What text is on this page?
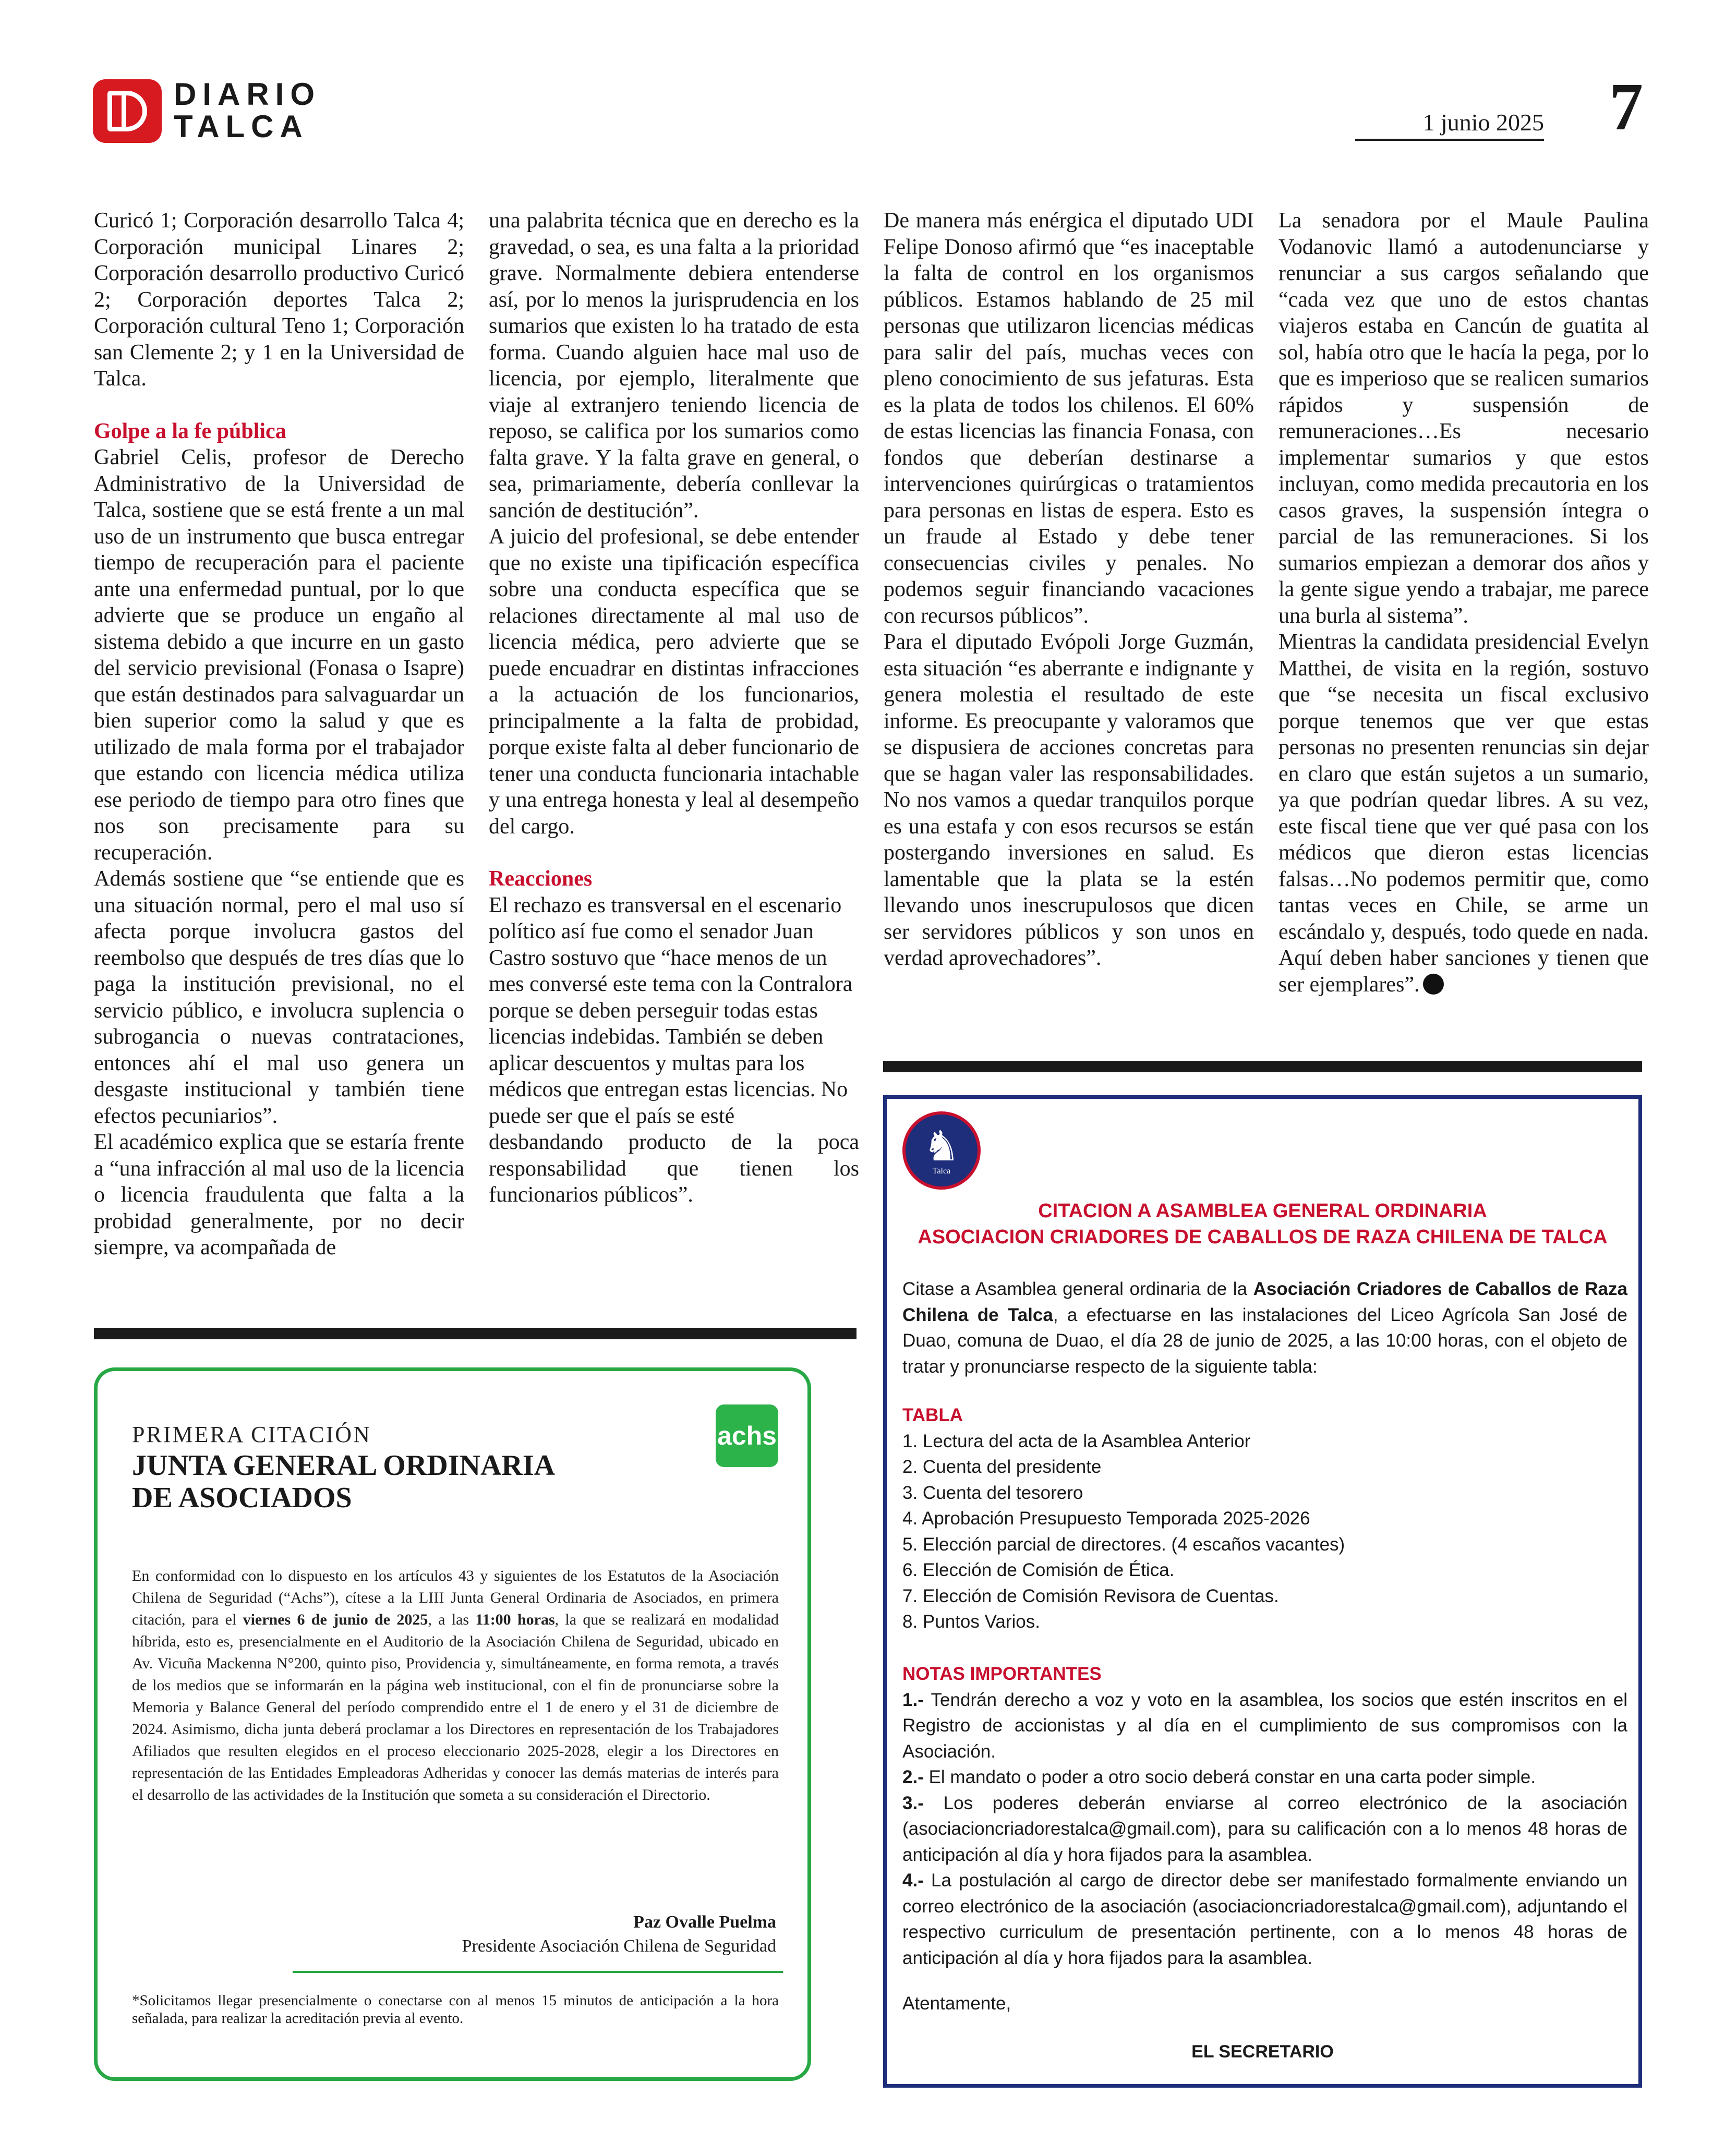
DIARIO
TALCA	1 junio 2025 7

Curicó 1; Corporación desarrollo Talca 4; Corporación municipal Linares 2; Corporación desarrollo productivo Curicó 2; Corporación deportes Talca 2; Corporación cultural Teno 1; Corporación san Clemente 2; y 1 en la Universidad de Talca.

Golpe a la fe pública

Gabriel Celis, profesor de Derecho Administrativo de la Universidad de Talca, sostiene que se está frente a un mal uso de un instrumento que busca entregar tiempo de recuperación para el paciente ante una enfermedad puntual, por lo que advierte que se produce un engaño al sistema debido a que incurre en un gasto del servicio previsional (Fonasa o Isapre) que están destinados para salvaguardar un bien superior como la salud y que es utilizado de mala forma por el trabajador que estando con licencia médica utiliza ese periodo de tiempo para otro fines que nos son precisamente para su recuperación.

Además sostiene que “se entiende que es una situación normal, pero el mal uso sí afecta porque involucra gastos del reembolso que después de tres días que lo paga la institución previsional, no el servicio público, e involucra suplencia o subrogancia o nuevas contrataciones, entonces ahí el mal uso genera un desgaste institucional y también tiene efectos pecuniarios”.

El académico explica que se estaría frente a “una infracción al mal uso de la licencia o licencia fraudulenta que falta a la probidad generalmente, por no decir siempre, va acompañada de

una palabrita técnica que en derecho es la gravedad, o sea, es una falta a la prioridad grave. Normalmente debiera entenderse así, por lo menos la jurisprudencia en los sumarios que existen lo ha tratado de esta forma. Cuando alguien hace mal uso de licencia, por ejemplo, literalmente que viaje al extranjero teniendo licencia de reposo, se califica por los sumarios como falta grave. Y la falta grave en general, o sea, primariamente, debería conllevar la sanción de destitución”.

A juicio del profesional, se debe entender que no existe una tipificación específica sobre una conducta específica que se relaciones directamente al mal uso de licencia médica, pero advierte que se puede encuadrar en distintas infracciones a la actuación de los funcionarios, principalmente a la falta de probidad, porque existe falta al deber funcionario de tener una conducta funcionaria intachable y una entrega honesta y leal al desempeño del cargo.

Reacciones

El rechazo es transversal en el escenario político así fue como el senador Juan Castro sostuvo que “hace menos de un mes conversé este tema con la Contralora porque se deben perseguir todas estas licencias indebidas. También se deben aplicar descuentos y multas para los médicos que entregan estas licencias. No puede ser que el país se esté

desbandando producto de la poca responsabilidad que tienen los funcionarios públicos”.

De manera más enérgica el diputado UDI Felipe Donoso afirmó que “es inaceptable la falta de control en los organismos públicos. Estamos hablando de 25 mil personas que utilizaron licencias médicas para salir del país, muchas veces con pleno conocimiento de sus jefaturas. Esta es la plata de todos los chilenos. El 60% de estas licencias las financia Fonasa, con fondos que deberían destinarse a intervenciones quirúrgicas o tratamientos para personas en listas de espera. Esto es un fraude al Estado y debe tener consecuencias civiles y penales. No podemos seguir financiando vacaciones con recursos públicos”.

Para el diputado Evópoli Jorge Guzmán, esta situación “es aberrante e indignante y genera molestia el resultado de este informe. Es preocupante y valoramos que se dispusiera de acciones concretas para que se hagan valer las responsabilidades. No nos vamos a quedar tranquilos porque es una estafa y con esos recursos se están postergando inversiones en salud. Es lamentable que la plata se la estén llevando unos inescrupulosos que dicen ser servidores públicos y son unos en verdad aprovechadores”.

La senadora por el Maule Paulina Vodanovic llamó a autodenunciarse y renunciar a sus cargos señalando que “cada vez que uno de estos chantas viajeros estaba en Cancún de guatita al sol, había otro que le hacía la pega, por lo que es imperioso que se realicen sumarios rápidos y suspensión de remuneraciones…Es necesario implementar sumarios y que estos incluyan, como medida precautoria en los casos graves, la suspensión íntegra o parcial de las remuneraciones. Si los sumarios empiezan a demorar dos años y la gente sigue yendo a trabajar, me parece una burla al sistema”.

Mientras la candidata presidencial Evelyn Matthei, de visita en la región, sostuvo que “se necesita un fiscal exclusivo porque tenemos que ver que estas personas no presenten renuncias sin dejar en claro que están sujetos a un sumario, ya que podrían quedar libres. A su vez, este fiscal tiene que ver qué pasa con los médicos que dieron estas licencias falsas…No podemos permitir que, como tantas veces en Chile, se arme un escándalo y, después, todo quede en nada. Aquí deben haber sanciones y tienen que ser ejemplares”.

achs
PRIMERA CITACIÓN
JUNTA GENERAL ORDINARIA
DE ASOCIADOS
En conformidad con lo dispuesto en los artículos 43 y siguientes de los Estatutos de la Asociación Chilena de Seguridad (“Achs”), cítese a la LIII Junta General Ordinaria de Asociados, en primera citación, para el viernes 6 de junio de 2025, a las 11:00 horas, la que se realizará en modalidad híbrida, esto es, presencialmente en el Auditorio de la Asociación Chilena de Seguridad, ubicado en Av. Vicuña Mackenna N°200, quinto piso, Providencia y, simultáneamente, en forma remota, a través de los medios que se informarán en la página web institucional, con el fin de pronunciarse sobre la Memoria y Balance General del período comprendido entre el 1 de enero y el 31 de diciembre de 2024. Asimismo, dicha junta deberá proclamar a los Directores en representación de los Trabajadores Afiliados que resulten elegidos en el proceso eleccionario 2025-2028, elegir a los Directores en representación de las Entidades Empleadoras Adheridas y conocer las demás materias de interés para el desarrollo de las actividades de la Institución que someta a su consideración el Directorio.
Paz Ovalle Puelma
Presidente Asociación Chilena de Seguridad
*Solicitamos llegar presencialmente o conectarse con al menos 15 minutos de anticipación a la hora señalada, para realizar la acreditación previa al evento.
♞ Talca
CITACION A ASAMBLEA GENERAL ORDINARIA
ASOCIACION CRIADORES DE CABALLOS DE RAZA CHILENA DE TALCA
Citase a Asamblea general ordinaria de la Asociación Criadores de Caballos de Raza Chilena de Talca, a efectuarse en las instalaciones del Liceo Agrícola San José de Duao, comuna de Duao, el día 28 de junio de 2025, a las 10:00 horas, con el objeto de tratar y pronunciarse respecto de la siguiente tabla:
TABLA
1. Lectura del acta de la Asamblea Anterior
2. Cuenta del presidente
3. Cuenta del tesorero
4. Aprobación Presupuesto Temporada 2025-2026
5. Elección parcial de directores. (4 escaños vacantes)
6. Elección de Comisión de Ética.
7. Elección de Comisión Revisora de Cuentas.
8. Puntos Varios.
NOTAS IMPORTANTES
1.- Tendrán derecho a voz y voto en la asamblea, los socios que estén inscritos en el Registro de accionistas y al día en el cumplimiento de sus compromisos con la Asociación.
2.- El mandato o poder a otro socio deberá constar en una carta poder simple.
3.- Los poderes deberán enviarse al correo electrónico de la asociación (asociacioncriadorestalca@gmail.com), para su calificación con a lo menos 48 horas de anticipación al día y hora fijados para la asamblea.
4.- La postulación al cargo de director debe ser manifestado formalmente enviando un correo electrónico de la asociación (asociacioncriadorestalca@gmail.com), adjuntando el respectivo curriculum de presentación pertinente, con a lo menos 48 horas de anticipación al día y hora fijados para la asamblea.
Atentamente,
EL SECRETARIO
